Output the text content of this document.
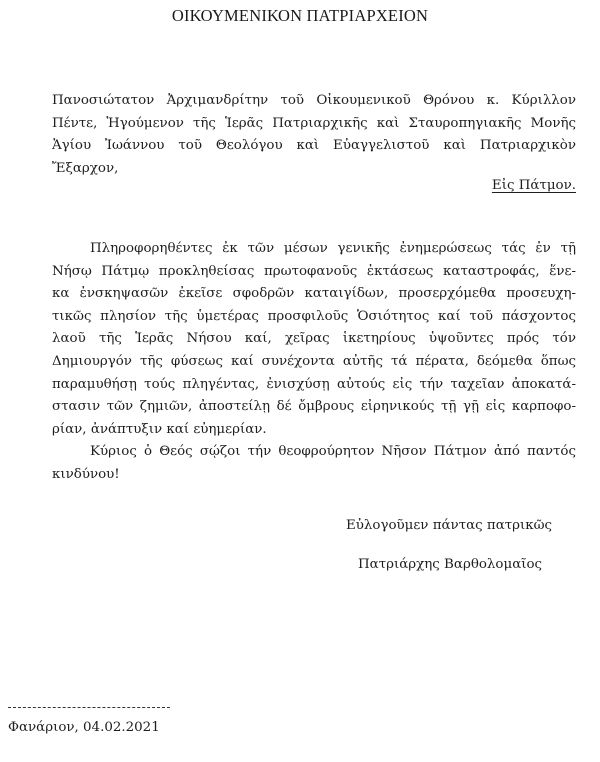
ΟΙΚΟΥΜΕΝΙΚΟΝ ΠΑΤΡΙΑΡΧΕΙΟΝ
Πανοσιώτατον Ἀρχιμανδρίτην τοῦ Οἰκουμενικοῦ Θρόνου κ. Κύριλλον
Πέντε, Ἡγούμενον τῆς Ἱερᾶς Πατριαρχικῆς καὶ Σταυροπηγιακῆς Μονῆς
Ἁγίου Ἰωάννου τοῦ Θεολόγου καὶ Εὐαγγελιστοῦ καὶ Πατριαρχικὸν
Ἔξαρχον,
Εἰς Πάτμον.
Πληροφορηθέντες ἐκ τῶν μέσων γενικῆς ἐνημερώσεως τάς ἐν τῇ
Νήσῳ Πάτμῳ προκληθείσας πρωτοφανοῦς ἐκτάσεως καταστροφάς, ἕνε-
κα ἐνσκηψασῶν ἐκεῖσε σφοδρῶν καταιγίδων, προσερχόμεθα προσευχη-
τικῶς πλησίον τῆς ὑμετέρας προσφιλοῦς Ὁσιότητος καί τοῦ πάσχοντος
λαοῦ τῆς Ἱερᾶς Νήσου καί, χεῖρας ἱκετηρίους ὑψοῦντες πρός τόν
Δημιουργόν τῆς φύσεως καί συνέχοντα αὐτῆς τά πέρατα, δεόμεθα ὅπως
παραμυθήσῃ τούς πληγέντας, ἐνισχύσῃ αὐτούς εἰς τήν ταχεῖαν ἀποκατά-
στασιν τῶν ζημιῶν, ἀποστείλῃ δέ ὄμβρους εἰρηνικούς τῇ γῇ εἰς καρποφο-
ρίαν, ἀνάπτυξιν καί εὐημερίαν.
Κύριος ὁ Θεός σῴζοι τήν θεοφρούρητον Νῆσον Πάτμον ἀπό παντός
κινδύνου!
Εὐλογοῦμεν πάντας πατρικῶς
Πατριάρχης Βαρθολομαῖος
Φανάριον, 04.02.2021
